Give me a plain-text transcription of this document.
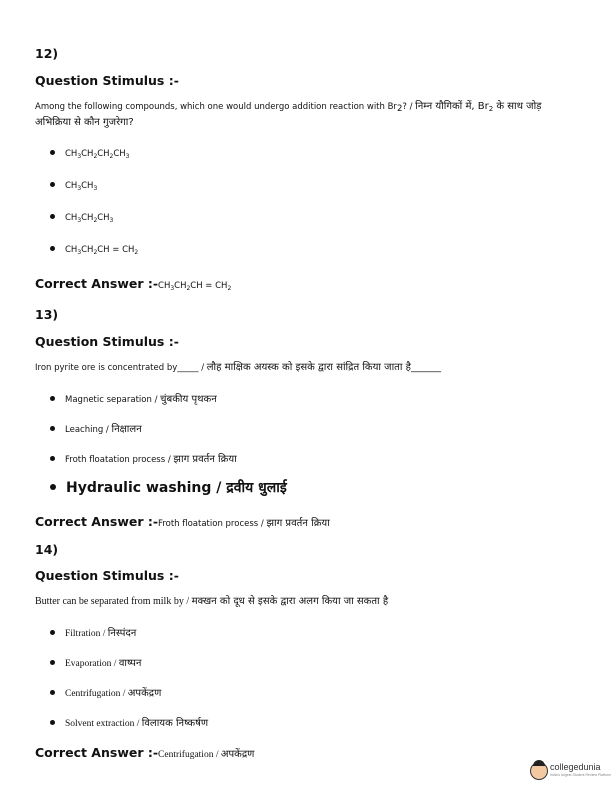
12)
Question Stimulus :-
Among the following compounds, which one would undergo addition reaction with $Br_2$? / निम्न यौगिकों में, $Br_2$ के साथ जोड़ अभिक्रिया से कौन गुजरेगा?
$CH_3CH_2CH_2CH_3$
$CH_3CH_3$
$CH_3CH_2CH_3$
$CH_3CH_2CH = CH_2$
Correct Answer $:-CH_3CH_2CH = CH_2$
13)
Question Stimulus :-
Iron pyrite ore is concentrated by_____ / लौह माक्षिक अयस्क को इसके द्वारा सांद्रित किया जाता है______
Magnetic separation / चुंबकीय पृथकन
Leaching / निक्षालन
Froth floatation process / झाग प्रवर्तन क्रिया
Hydraulic washing / द्रवीय धुलाई
Correct Answer :-Froth floatation process / झाग प्रवर्तन क्रिया
14)
Question Stimulus :-
Butter can be separated from milk by / मक्खन को दूध से इसके द्वारा अलग किया जा सकता है
Filtration / निस्पंदन
Evaporation / वाष्पन
Centrifugation / अपकेंद्रण
Solvent extraction / विलायक निष्कर्षण
Correct Answer :-Centrifugation / अपकेंद्रण
collegedunia
India's largest Student Review Platform
